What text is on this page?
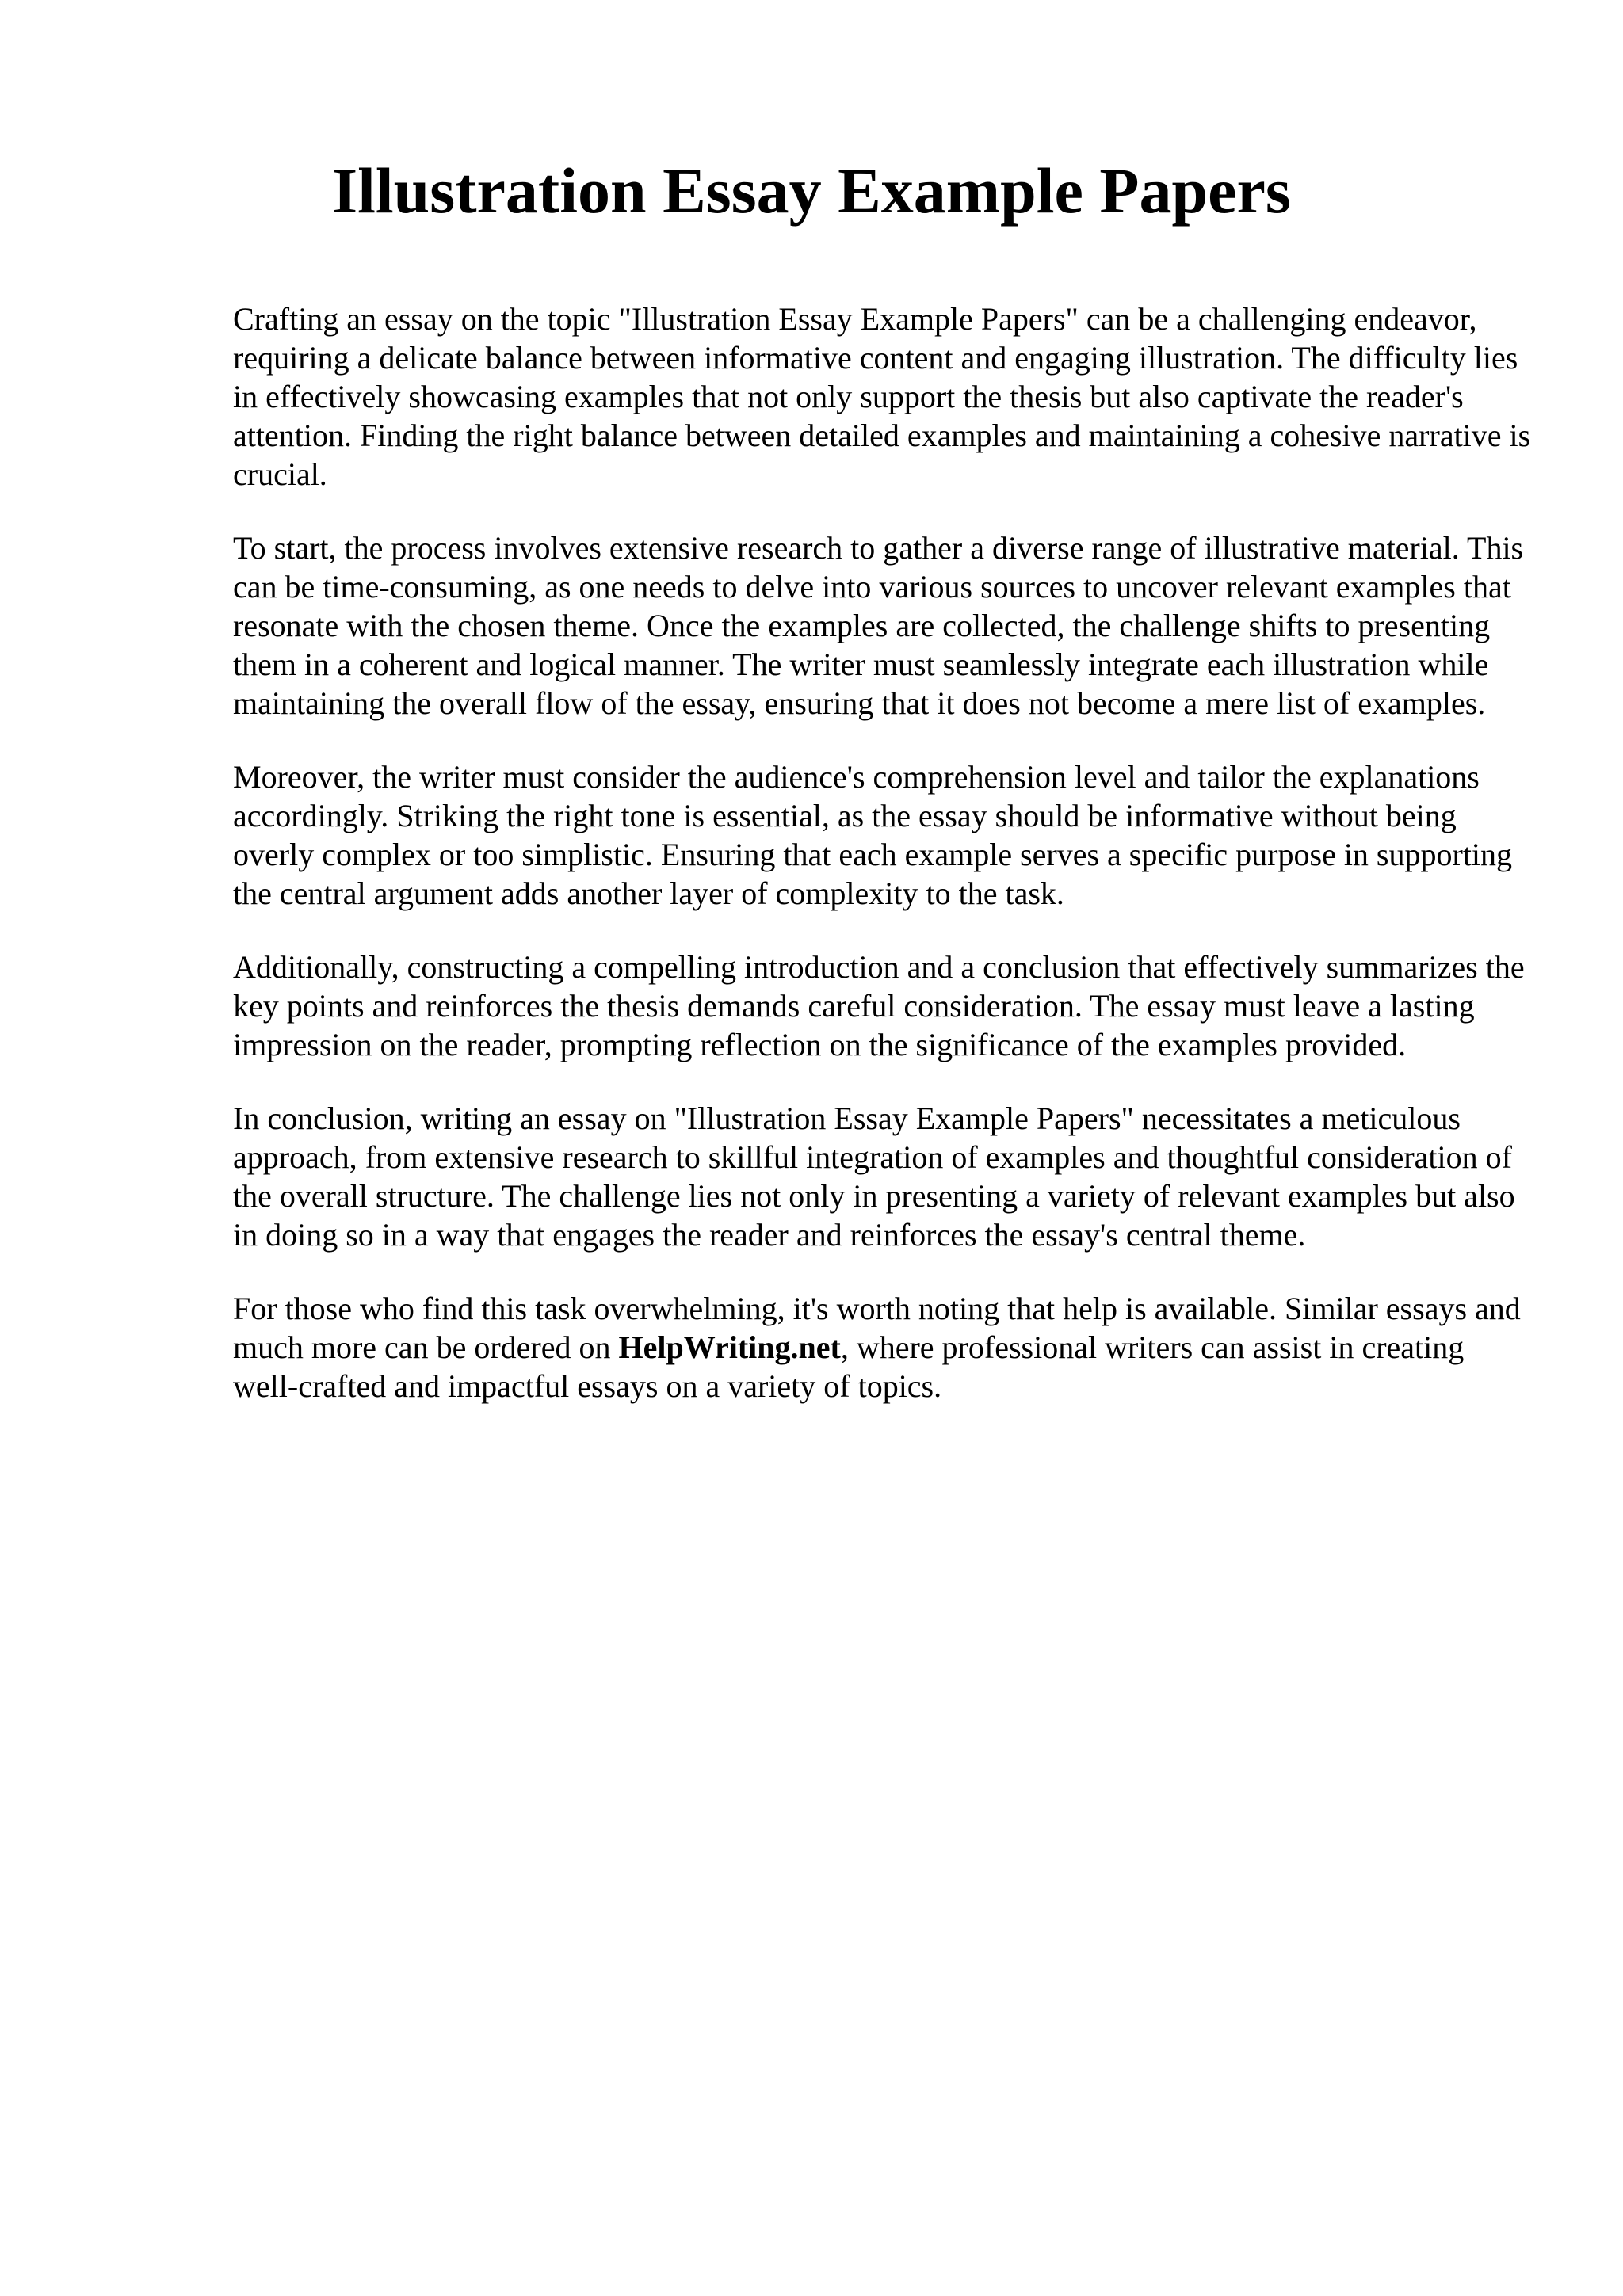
Illustration Essay Example Papers

Crafting an essay on the topic "Illustration Essay Example Papers" can be a challenging endeavor, requiring a delicate balance between informative content and engaging illustration. The difficulty lies in effectively showcasing examples that not only support the thesis but also captivate the reader's attention. Finding the right balance between detailed examples and maintaining a cohesive narrative is crucial.

To start, the process involves extensive research to gather a diverse range of illustrative material. This can be time-consuming, as one needs to delve into various sources to uncover relevant examples that resonate with the chosen theme. Once the examples are collected, the challenge shifts to presenting them in a coherent and logical manner. The writer must seamlessly integrate each illustration while maintaining the overall flow of the essay, ensuring that it does not become a mere list of examples.

Moreover, the writer must consider the audience's comprehension level and tailor the explanations accordingly. Striking the right tone is essential, as the essay should be informative without being overly complex or too simplistic. Ensuring that each example serves a specific purpose in supporting the central argument adds another layer of complexity to the task.

Additionally, constructing a compelling introduction and a conclusion that effectively summarizes the key points and reinforces the thesis demands careful consideration. The essay must leave a lasting impression on the reader, prompting reflection on the significance of the examples provided.

In conclusion, writing an essay on "Illustration Essay Example Papers" necessitates a meticulous approach, from extensive research to skillful integration of examples and thoughtful consideration of the overall structure. The challenge lies not only in presenting a variety of relevant examples but also in doing so in a way that engages the reader and reinforces the essay's central theme.

For those who find this task overwhelming, it's worth noting that help is available. Similar essays and much more can be ordered on HelpWriting.net, where professional writers can assist in creating well-crafted and impactful essays on a variety of topics.
